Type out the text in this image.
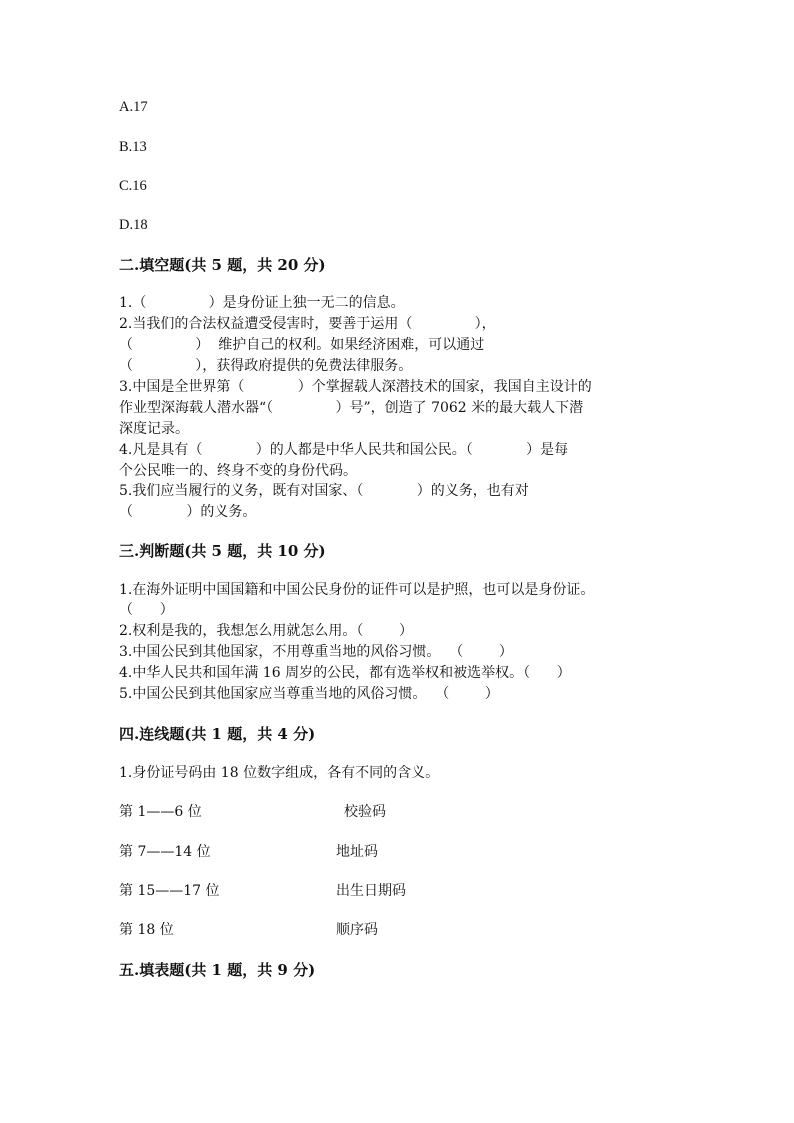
A.17
B.13
C.16
D.18
二.填空题(共 5 题，共 20 分)
1.（              ）是身份证上独一无二的信息。
2.当我们的合法权益遭受侵害时，要善于运用（              ），
（              ）  维护自己的权利。如果经济困难，可以通过
（              ），获得政府提供的免费法律服务。
3.中国是全世界第（            ）个掌握载人深潜技术的国家，我国自主设计的
作业型深海载人潜水器“（              ）号”，创造了 7062 米的最大载人下潜
深度记录。
4.凡是具有（            ）的人都是中华人民共和国公民。（            ）是每
个公民唯一的、终身不变的身份代码。
5.我们应当履行的义务，既有对国家、（            ）的义务，也有对
（            ）的义务。
三.判断题(共 5 题，共 10 分)
1.在海外证明中国国籍和中国公民身份的证件可以是护照，也可以是身份证。
（      ）
2.权利是我的，我想怎么用就怎么用。（        ）
3.中国公民到其他国家，不用尊重当地的风俗习惯。  （        ）
4.中华人民共和国年满 16 周岁的公民，都有选举权和被选举权。（      ）
5.中国公民到其他国家应当尊重当地的风俗习惯。  （        ）
四.连线题(共 1 题，共 4 分)
1.身份证号码由 18 位数字组成，各有不同的含义。
第 1——6 位
第 7——14 位
第 15——17 位
第 18 位
校验码
地址码
出生日期码
顺序码
五.填表题(共 1 题，共 9 分)
